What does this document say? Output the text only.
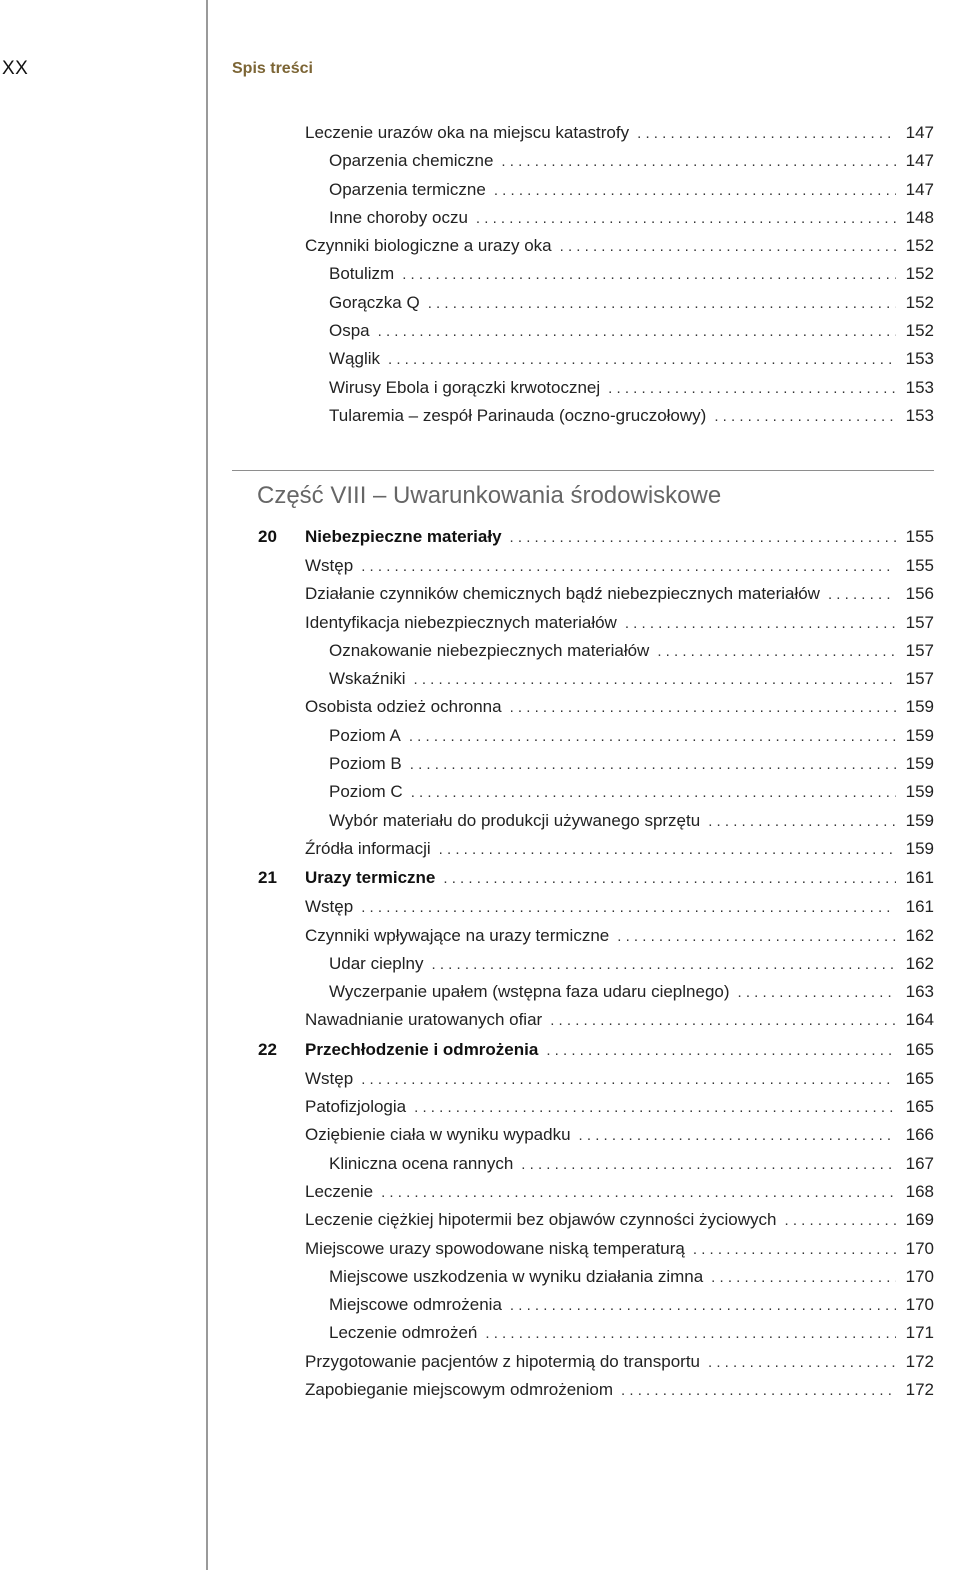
XX	Spis treści
Leczenie urazów oka na miejscu katastrofy . . .	147
Oparzenia chemiczne . . .	147
Oparzenia termiczne . . .	147
Inne choroby oczu . . .	148
Czynniki biologiczne a urazy oka . . .	152
Botulizm . . .	152
Gorączka Q . . .	152
Ospa . . .	152
Wąglik . . .	153
Wirusy Ebola i gorączki krwotocznej . . .	153
Tularemia – zespół Parinauda (oczno-gruczołowy) . . .	153
Część VIII – Uwarunkowania środowiskowe
20	Niebezpieczne materiały . . .	155
Wstęp . . .	155
Działanie czynników chemicznych bądź niebezpiecznych materiałów . . .	156
Identyfikacja niebezpiecznych materiałów . . .	157
Oznakowanie niebezpiecznych materiałów . . .	157
Wskaźniki . . .	157
Osobista odzież ochronna . . .	159
Poziom A . . .	159
Poziom B . . .	159
Poziom C . . .	159
Wybór materiału do produkcji używanego sprzętu . . .	159
Źródła informacji . . .	159
21	Urazy termiczne . . .	161
Wstęp . . .	161
Czynniki wpływające na urazy termiczne . . .	162
Udar cieplny . . .	162
Wyczerpanie upałem (wstępna faza udaru cieplnego) . . .	163
Nawadnianie uratowanych ofiar . . .	164
22	Przechłodzenie i odmrożenia . . .	165
Wstęp . . .	165
Patofizjologia . . .	165
Oziębienie ciała w wyniku wypadku . . .	166
Kliniczna ocena rannych . . .	167
Leczenie . . .	168
Leczenie ciężkiej hipotermii bez objawów czynności życiowych . . .	169
Miejscowe urazy spowodowane niską temperaturą . . .	170
Miejscowe uszkodzenia w wyniku działania zimna . . .	170
Miejscowe odmrożenia . . .	170
Leczenie odmrożeń . . .	171
Przygotowanie pacjentów z hipotermią do transportu . . .	172
Zapobieganie miejscowym odmrożeniom . . .	172
